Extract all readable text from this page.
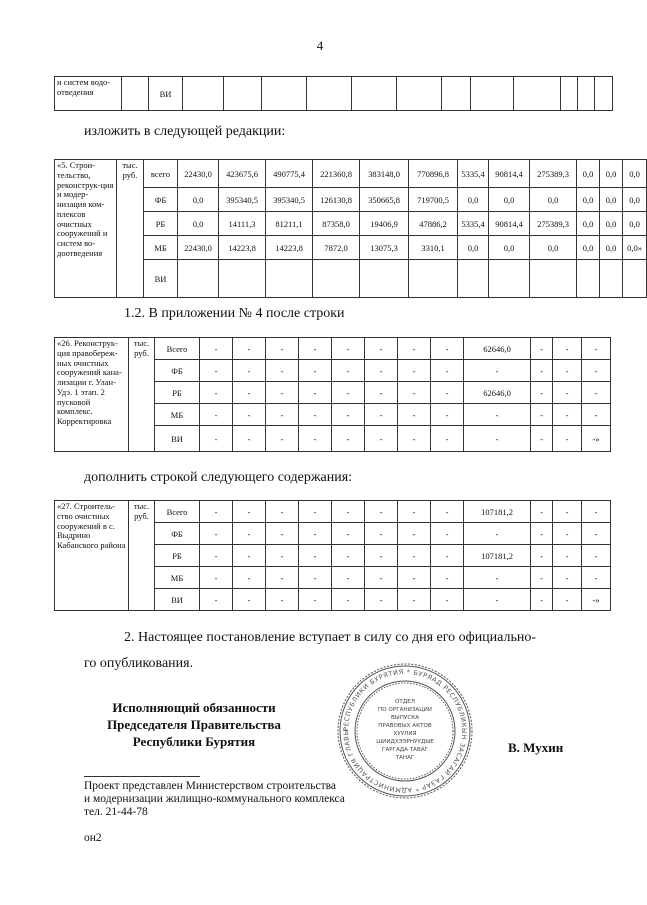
4
и систем водо-отведения		ВИ												
изложить в следующей редакции:
«5. Строи-тельство, реконструк-ция и модер-низация ком-плексов очистных сооружений и систем во-доотведения	тыс. руб.	всего	22430,0	423675,6	490775,4	221360,8	383148,0	770896,8	5335,4	90814,4	275389,3	0,0	0,0	0,0
		ФБ	0,0	395340,5	395340,5	126130,8	350665,8	719700,5	0,0	0,0	0,0	0,0	0,0	0,0
		РБ	0,0	14111,3	81211,1	87358,0	19406,9	47886,2	5335,4	90814,4	275389,3	0,0	0,0	0,0
		МБ	22430,0	14223,8	14223,8	7872,0	13075,3	3310,1	0,0	0,0	0,0	0,0	0,0	0,0»
		ВИ												
1.2. В приложении № 4 после строки
«26. Реконструк-ция правобереж-ных очистных сооружений кана-лизации г. Улан-Удэ. 1 этап. 2 пусковой комплекс. Корректировка	тыс. руб.	Всего	-	-	-	-	-	-	-	-	62646,0	-	-	-
		ФБ	-	-	-	-	-	-	-	-	-	-	-	-
		РБ	-	-	-	-	-	-	-	-	62646,0	-	-	-
		МБ	-	-	-	-	-	-	-	-	-	-	-	-
		ВИ	-	-	-	-	-	-	-	-	-	-	-	-»
дополнить строкой следующего содержания:
«27. Строитель-ство очистных сооружений в с. Выдрино Кабанского района	тыс. руб.	Всего	-	-	-	-	-	-	-	-	107181,2	-	-	-
		ФБ	-	-	-	-	-	-	-	-	-	-	-	-
		РБ	-	-	-	-	-	-	-	-	107181,2	-	-	-
		МБ	-	-	-	-	-	-	-	-	-	-	-	-
		ВИ	-	-	-	-	-	-	-	-	-	-	-	-»
2. Настоящее постановление вступает в силу со дня его официально-
го опубликования.
Исполняющий обязанности
Председателя Правительства
Республики Бурятия
РЕСПУБЛИКИ БУРЯТИЯ * БУРЯАД РЕСПУБЛИКЫН ЗАСАГАЙ ГАЗАР * АДМИНИСТРАЦИЯ ГЛАВЫ
ОТДЕЛ
ПО ОРГАНИЗАЦИИ
ВЫПУСКА
ПРАВОВЫХ АКТОВ
ХУУЛИЯ
ШИИДХЭЭРНУУДЫЕ
ГАРГАДА ТАВАГ
ТАНАГ
В. Мухин
Проект представлен Министерством строительства
и модернизации жилищно-коммунального комплекса
тел. 21-44-78
он2
